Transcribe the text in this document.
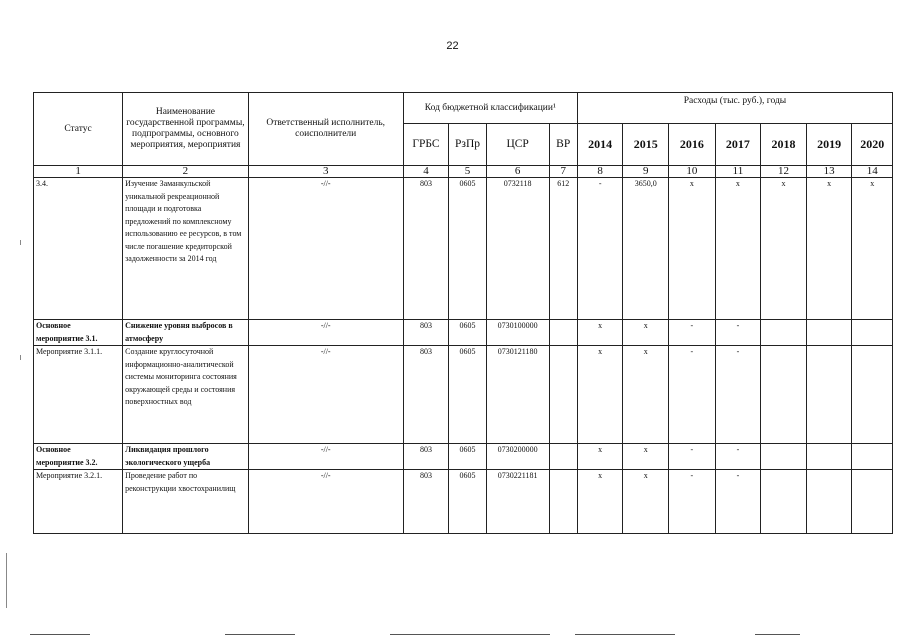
22
Статус	Наименование государственной программы, подпрограммы, основного мероприятия, мероприятия	Ответственный исполнитель, соисполнители	Код бюджетной классификации¹				Расходы (тыс. руб.), годы						
			ГРБС	РзПр	ЦСР	ВР	2014	2015	2016	2017	2018	2019	2020
1	2	3	4	5	6	7	8	9	10	11	12	13	14
3.4.	Изучение Заманкульской уникальной рекреационной площади и подготовка предложений по комплексному использованию ее ресурсов, в том числе погашение кредиторской задолженности за 2014 год	-//-	803	0605	0732118	612	-	3650,0	х	х	х	х	х
Основное мероприятие 3.1.	Снижение уровня выбросов в атмосферу	-//-	803	0605	0730100000		х	х	-	-			
Мероприятие 3.1.1.	Создание круглосуточной информационно-аналитической системы мониторинга состояния окружающей среды и состояния поверхностных вод	-//-	803	0605	0730121180		х	х	-	-			
Основное мероприятие 3.2.	Ликвидация прошлого экологического ущерба	-//-	803	0605	0730200000		х	х	-	-			
Мероприятие 3.2.1.	Проведение работ по реконструкции хвостохранилищ	-//-	803	0605	0730221181		х	х	-	-			
